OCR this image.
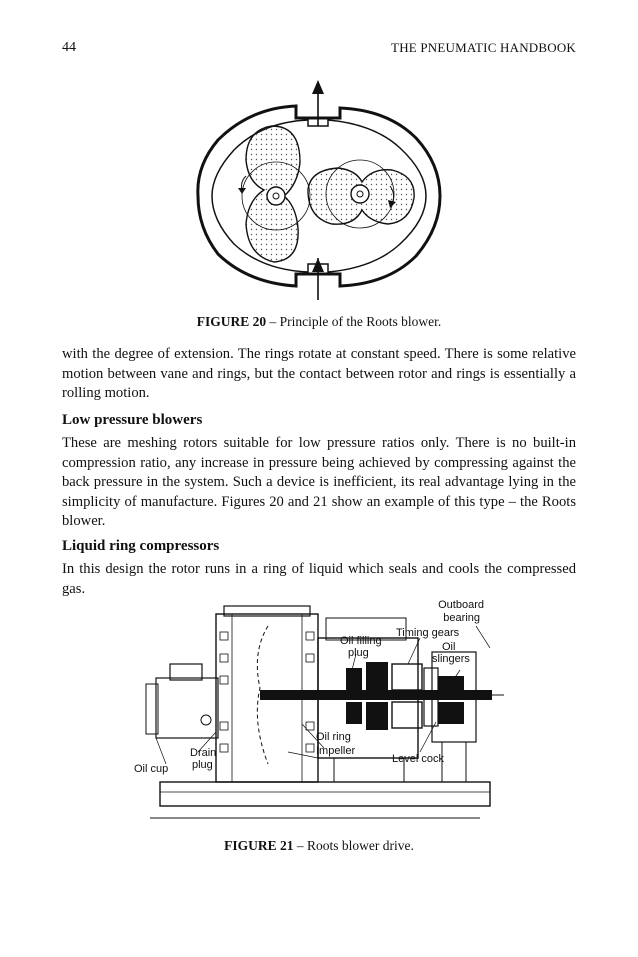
44	THE PNEUMATIC HANDBOOK
FIGURE 20 – Principle of the Roots blower.

with the degree of extension. The rings rotate at constant speed. There is some relative motion between vane and rings, but the contact between rotor and rings is essentially a rolling motion.

Low pressure blowers

These are meshing rotors suitable for low pressure ratios only. There is no built-in compression ratio, any increase in pressure being achieved by compressing against the back pressure in the system. Such a device is inefficient, its real advantage lying in the simplicity of manufacture. Figures 20 and 21 show an example of this type – the Roots blower.

Liquid ring compressors

In this design the rotor runs in a ring of liquid which seals and cools the compressed gas.

Outboard
bearing
Timing gears
Oil filling
plug	Oil
slingers
Oil ring
Impeller
Level cock
Drain
plug
Oil cup
FIGURE 21 – Roots blower drive.
